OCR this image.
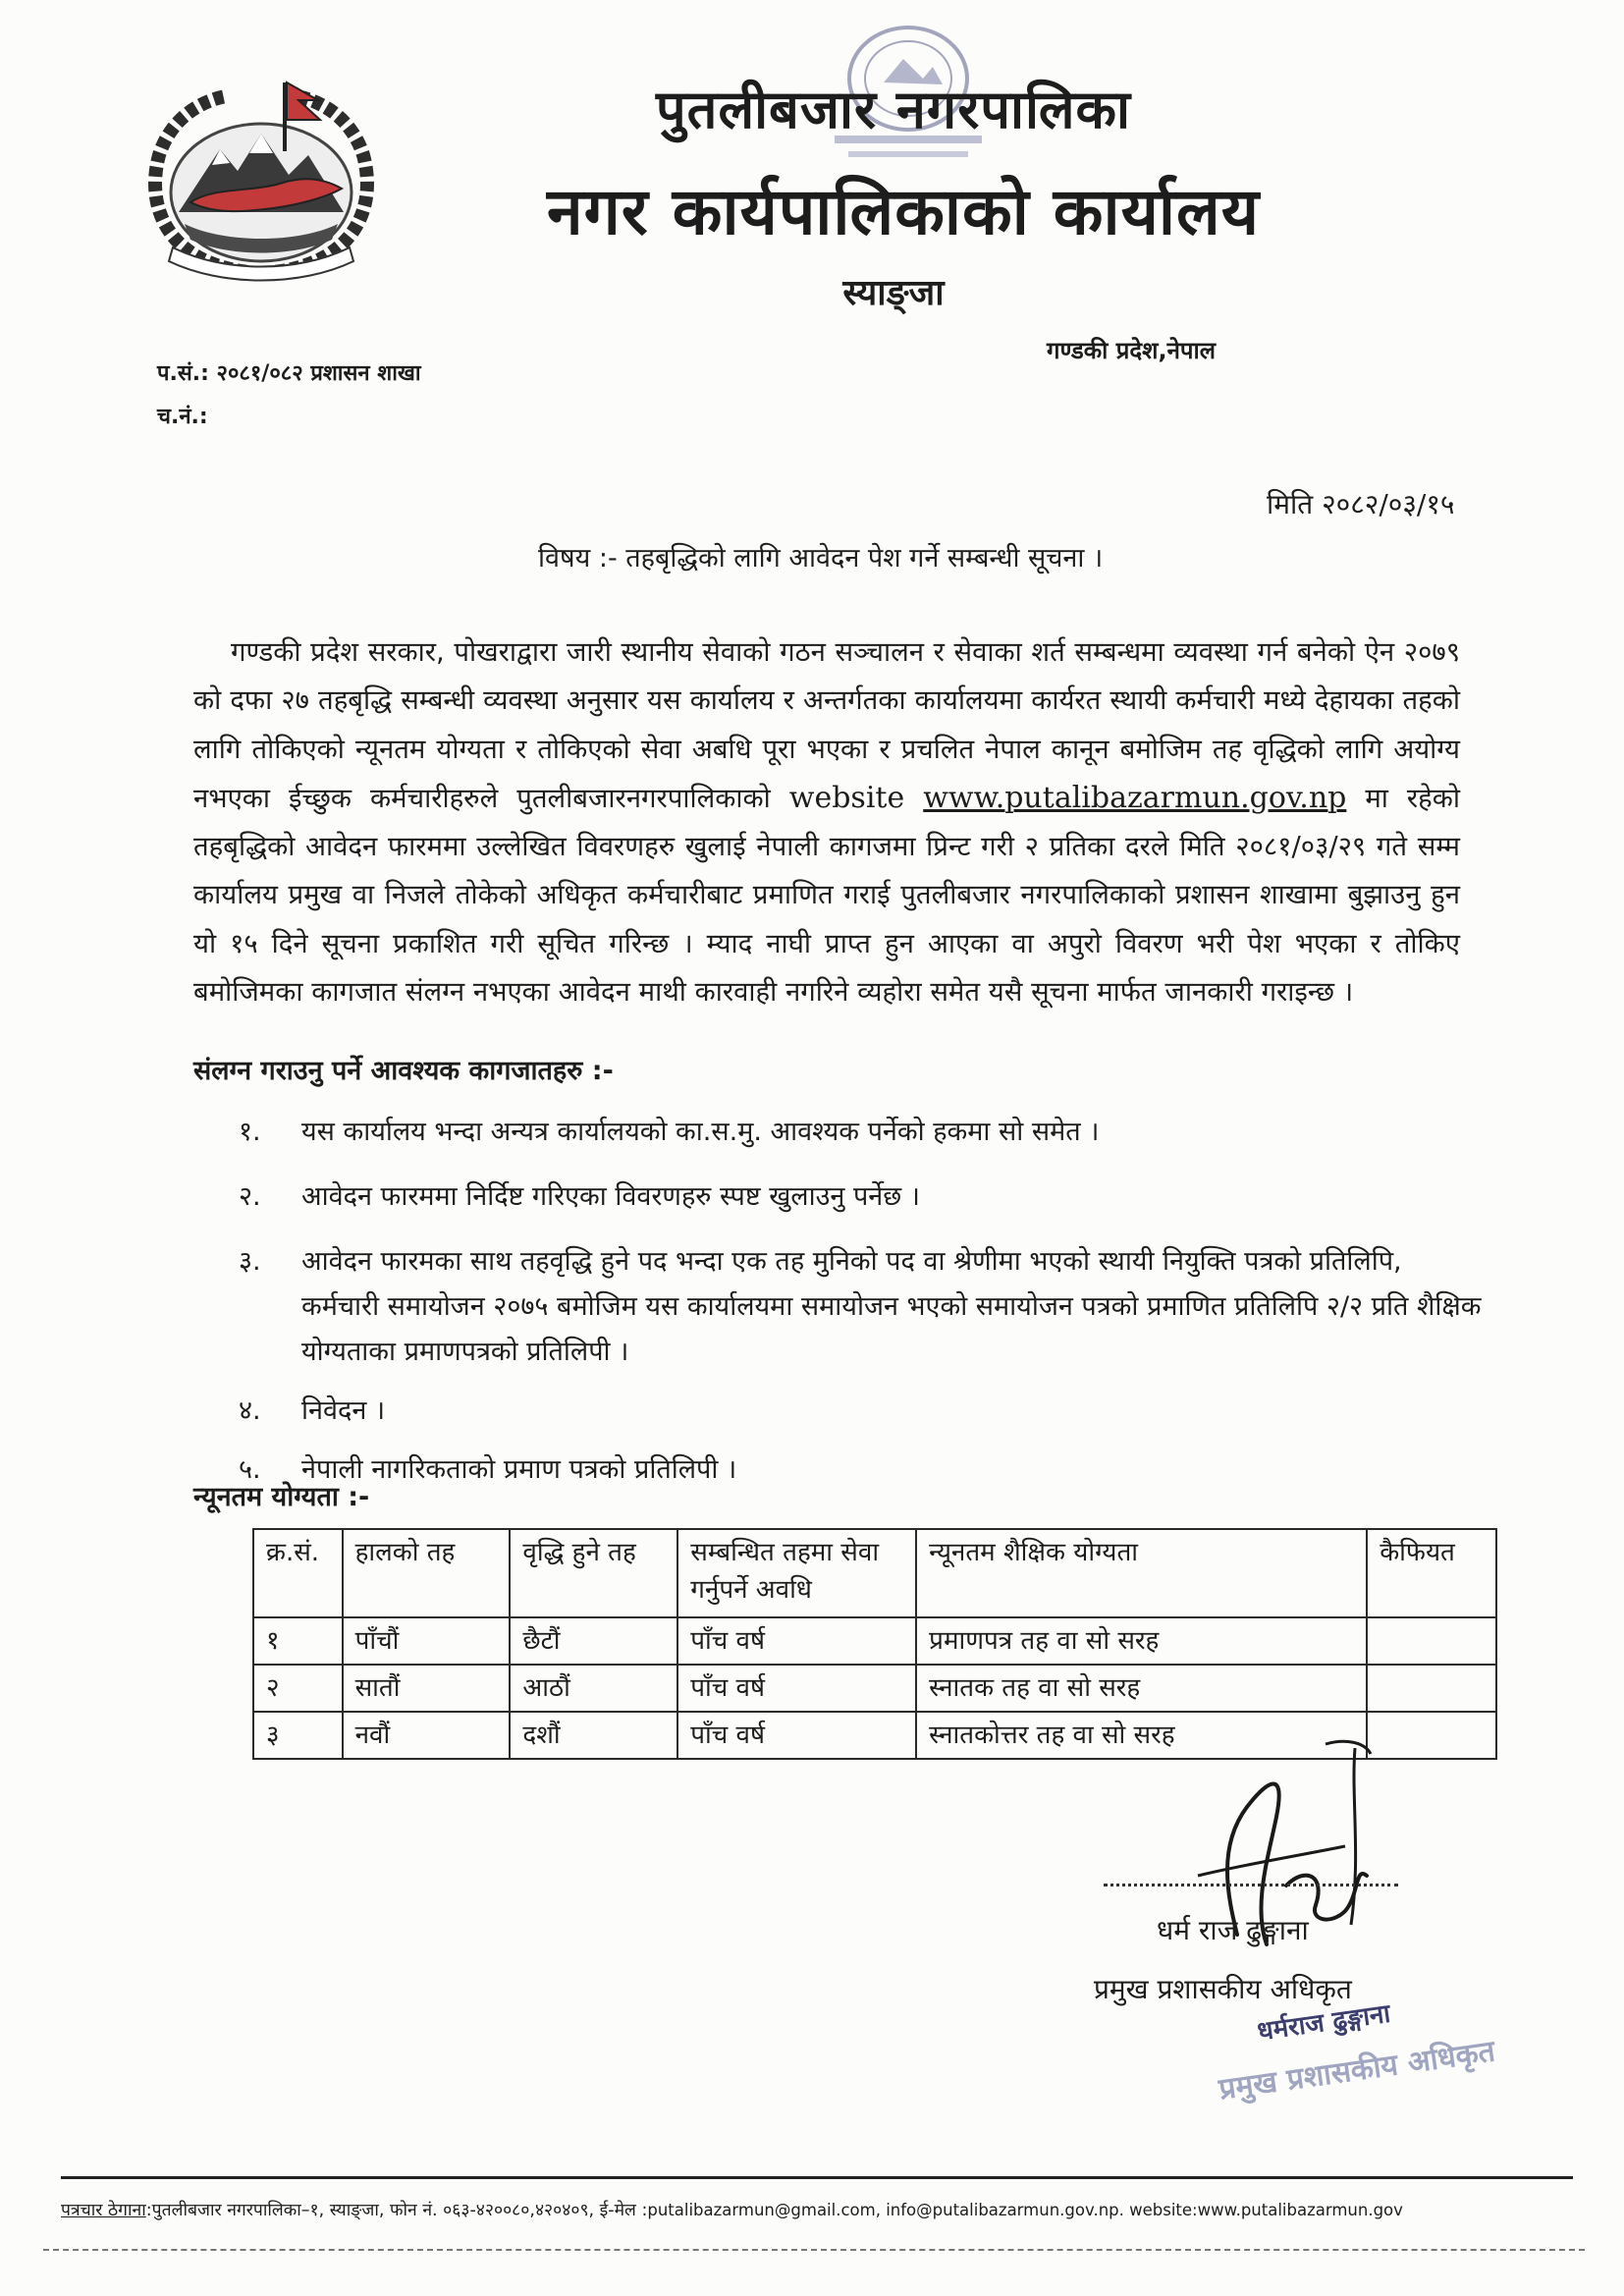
पुतलीबजार नगरपालिका
नगर कार्यपालिकाको कार्यालय
स्याङ्जा
गण्डकी प्रदेश,नेपाल
प.सं.: २०८१/०८२ प्रशासन शाखा
च.नं.:
मिति २०८२/०३/१५
विषय :- तहबृद्धिको लागि आवेदन पेश गर्ने सम्बन्धी सूचना ।
गण्डकी प्रदेश सरकार, पोखराद्वारा जारी स्थानीय सेवाको गठन सञ्चालन र सेवाका शर्त सम्बन्धमा व्यवस्था गर्न बनेको ऐन २०७९ को दफा २७ तहबृद्धि सम्बन्धी व्यवस्था अनुसार यस कार्यालय र अन्तर्गतका कार्यालयमा कार्यरत स्थायी कर्मचारी मध्ये देहायका तहको लागि तोकिएको न्यूनतम योग्यता र तोकिएको सेवा अबधि पूरा भएका र प्रचलित नेपाल कानून बमोजिम तह वृद्धिको लागि अयोग्य नभएका ईच्छुक कर्मचारीहरुले पुतलीबजारनगरपालिकाको website www.putalibazarmun.gov.np मा रहेको तहबृद्धिको आवेदन फारममा उल्लेखित विवरणहरु खुलाई नेपाली कागजमा प्रिन्ट गरी २ प्रतिका दरले मिति २०८१/०३/२९ गते सम्म कार्यालय प्रमुख वा निजले तोकेको अधिकृत कर्मचारीबाट प्रमाणित गराई पुतलीबजार नगरपालिकाको प्रशासन शाखामा बुझाउनु हुन यो १५ दिने सूचना प्रकाशित गरी सूचित गरिन्छ । म्याद नाघी प्राप्त हुन आएका वा अपुरो विवरण भरी पेश भएका र तोकिए बमोजिमका कागजात संलग्न नभएका आवेदन माथी कारवाही नगरिने व्यहोरा समेत यसै सूचना मार्फत जानकारी गराइन्छ ।
संलग्न गराउनु पर्ने आवश्यक कागजातहरु :-
१. यस कार्यालय भन्दा अन्यत्र कार्यालयको का.स.मु. आवश्यक पर्नेको हकमा सो समेत ।
२. आवेदन फारममा निर्दिष्ट गरिएका विवरणहरु स्पष्ट खुलाउनु पर्नेछ ।
३. आवेदन फारमका साथ तहवृद्धि हुने पद भन्दा एक तह मुनिको पद वा श्रेणीमा भएको स्थायी नियुक्ति पत्रको प्रतिलिपि, कर्मचारी समायोजन २०७५ बमोजिम यस कार्यालयमा समायोजन भएको समायोजन पत्रको प्रमाणित प्रतिलिपि २/२ प्रति शैक्षिक योग्यताका प्रमाणपत्रको प्रतिलिपी ।
४. निवेदन ।
५. नेपाली नागरिकताको प्रमाण पत्रको प्रतिलिपी ।
न्यूनतम योग्यता :-
क्र.सं.	हालको तह	वृद्धि हुने तह	सम्बन्धित तहमा सेवा गर्नुपर्ने अवधि	न्यूनतम शैक्षिक योग्यता	कैफियत
१	पाँचौं	छैटौं	पाँच वर्ष	प्रमाणपत्र तह वा सो सरह	
२	सातौं	आठौं	पाँच वर्ष	स्नातक तह वा सो सरह	
३	नवौं	दशौं	पाँच वर्ष	स्नातकोत्तर तह वा सो सरह	
धर्म राज ढुङ्गाना
प्रमुख प्रशासकीय अधिकृत
धर्मराज ढुङ्गाना
प्रमुख प्रशासकीय अधिकृत
पत्रचार ठेगाना:पुतलीबजार नगरपालिका–१, स्याङ्जा, फोन नं. ०६३-४२००८०,४२०४०९, ई-मेल :putalibazarmun@gmail.com, info@putalibazarmun.gov.np. website:www.putalibazarmun.gov
